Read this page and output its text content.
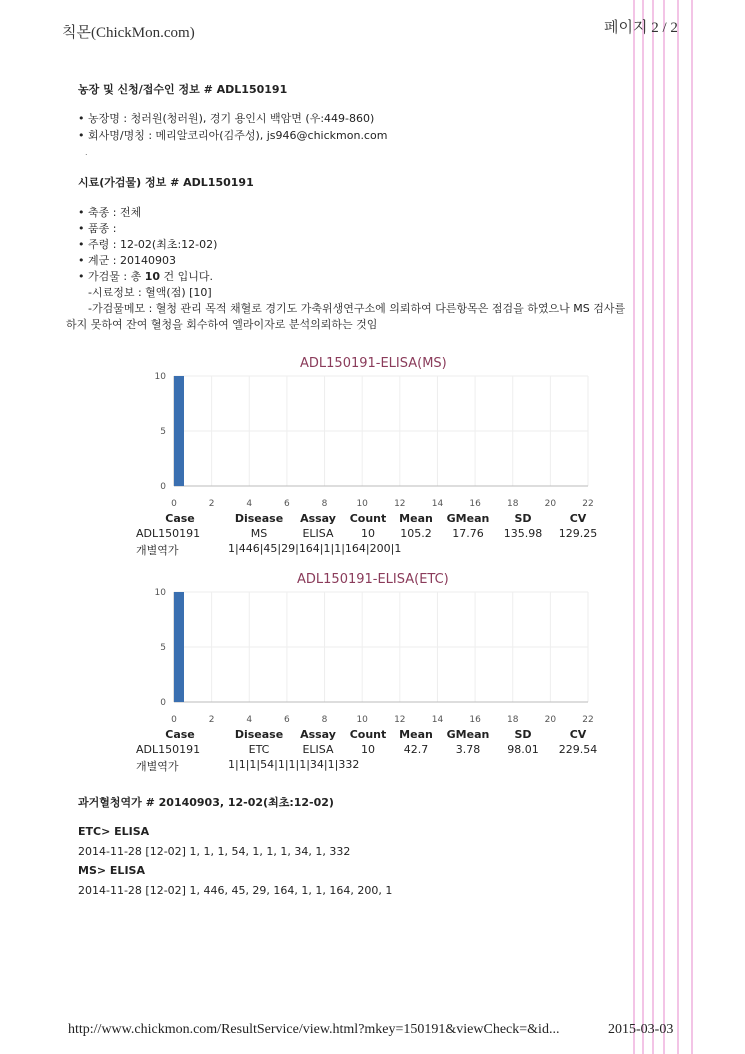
칙몬(ChickMon.com)	페이지 2 / 2
농장 및 신청/접수인 정보 # ADL150191
• 농장명 : 청러원(청러원), 경기 용인시 백암면 (우:449-860)
• 회사명/명칭 : 메리알코리아(김주성), js946@chickmon.com
.
시료(가검물) 정보 # ADL150191
• 축종 : 전체
• 품종 :
• 주령 : 12-02(최초:12-02)
• 계군 : 20140903
• 가검물 : 총 10 건 입니다.
-시료정보 : 혈액(점) [10]
-가검물메모 : 혈청 관리 목적 채혈로 경기도 가축위생연구소에 의뢰하여 다른항목은 점검을 하였으나 MS 검사를
하지 못하여 잔여 혈청을 회수하여 엘라이자로 분석의뢰하는 것임
ADL150191-ELISA(MS)
0	2	4	6	8	10	12	14	16	18	20	22
10
5
0
Case	Disease Assay Count Mean GMean SD	CV
ADL150191	MS	ELISA 10 105.2 17.76 135.98 129.25
개별역가	1|446|45|29|164|1|1|164|200|1
ADL150191-ELISA(ETC)
0	2	4	6	8	10	12	14	16	18	20	22
10
5
0
Case	Disease Assay Count Mean GMean SD	CV
ADL150191	ETC	ELISA 10	42.7	3.78 98.01 229.54
개별역가	1|1|1|54|1|1|1|34|1|332
과거혈청역가 # 20140903, 12-02(최초:12-02)
ETC> ELISA
2014-11-28 [12-02] 1, 1, 1, 54, 1, 1, 1, 34, 1, 332
MS> ELISA
2014-11-28 [12-02] 1, 446, 45, 29, 164, 1, 1, 164, 200, 1
http://www.chickmon.com/ResultService/view.html?mkey=150191&viewCheck=&id...	2015-03-03
